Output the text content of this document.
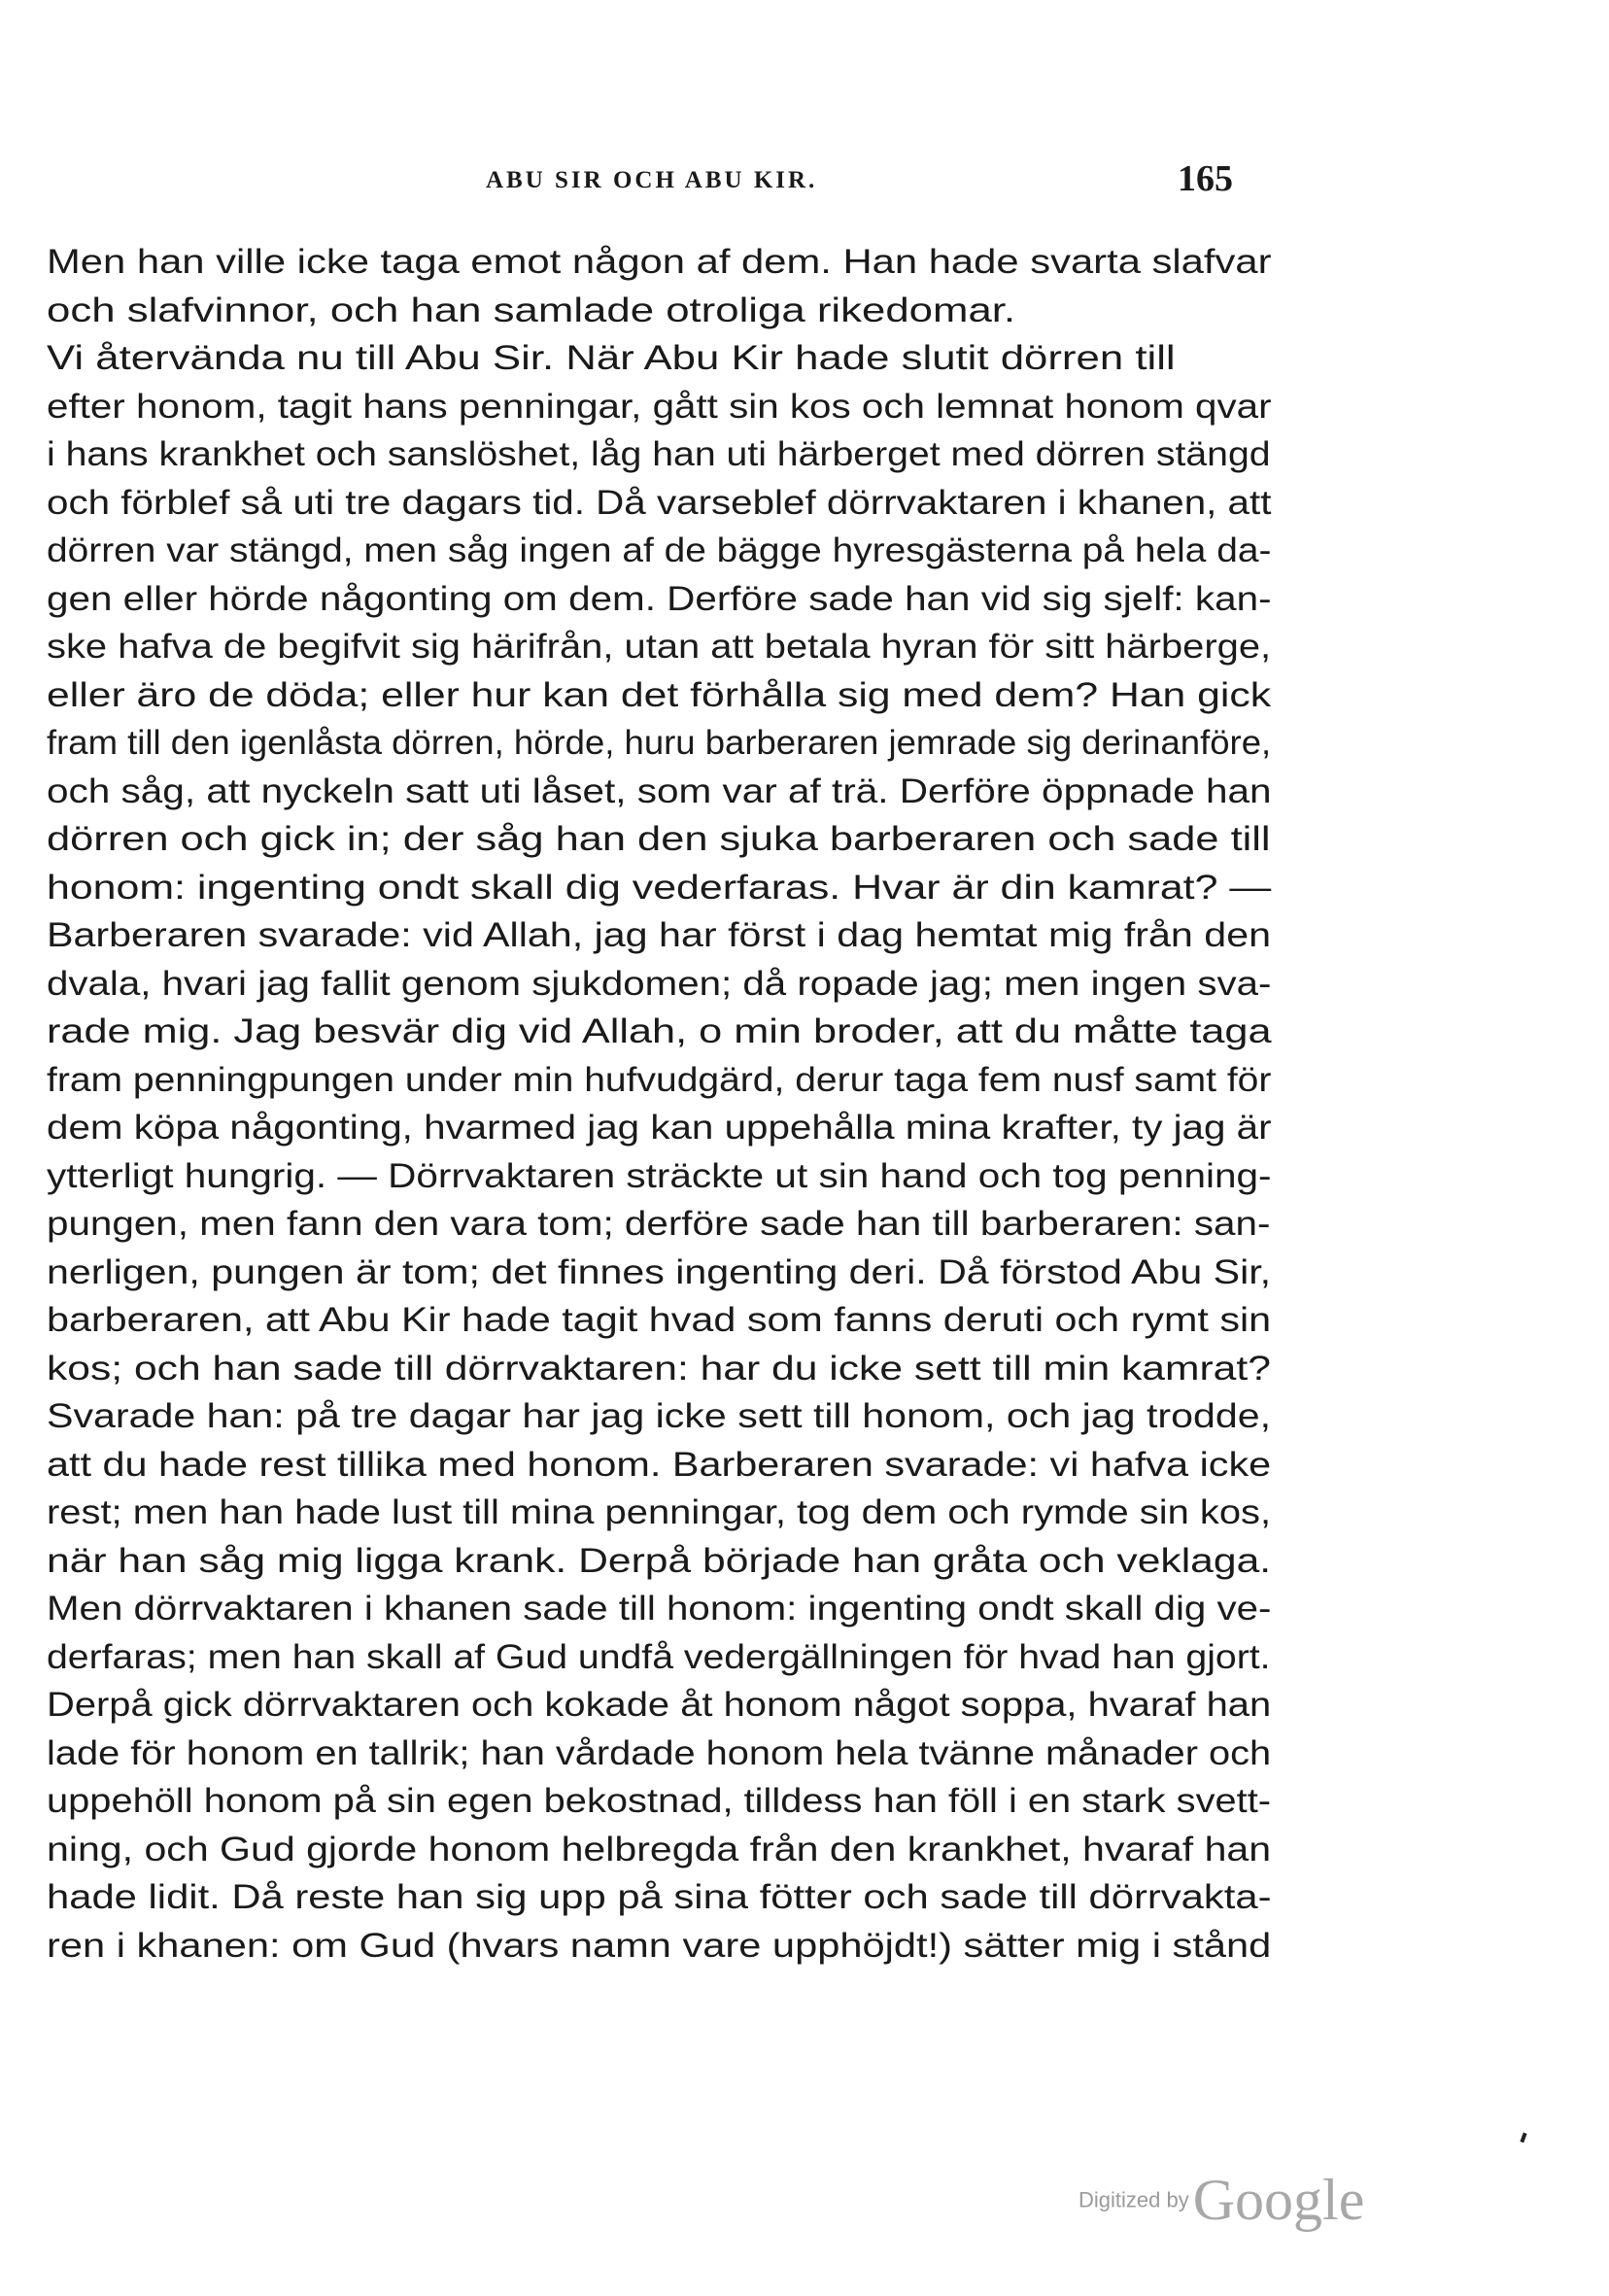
ABU SIR OCH ABU KIR.	165
Men han ville icke taga emot någon af dem. Han hade svarta slafvar
och slafvinnor, och han samlade otroliga rikedomar.
Vi återvända nu till Abu Sir. När Abu Kir hade slutit dörren till
efter honom, tagit hans penningar, gått sin kos och lemnat honom qvar
i hans krankhet och sanslöshet, låg han uti härberget med dörren stängd
och förblef så uti tre dagars tid. Då varseblef dörrvaktaren i khanen, att
dörren var stängd, men såg ingen af de bägge hyresgästerna på hela da-
gen eller hörde någonting om dem. Derföre sade han vid sig sjelf: kan-
ske hafva de begifvit sig härifrån, utan att betala hyran för sitt härberge,
eller äro de döda; eller hur kan det förhålla sig med dem? Han gick
fram till den igenlåsta dörren, hörde, huru barberaren jemrade sig derinanföre,
och såg, att nyckeln satt uti låset, som var af trä. Derföre öppnade han
dörren och gick in; der såg han den sjuka barberaren och sade till
honom: ingenting ondt skall dig vederfaras. Hvar är din kamrat? —
Barberaren svarade: vid Allah, jag har först i dag hemtat mig från den
dvala, hvari jag fallit genom sjukdomen; då ropade jag; men ingen sva-
rade mig. Jag besvär dig vid Allah, o min broder, att du måtte taga
fram penningpungen under min hufvudgärd, derur taga fem nusf samt för
dem köpa någonting, hvarmed jag kan uppehålla mina krafter, ty jag är
ytterligt hungrig. — Dörrvaktaren sträckte ut sin hand och tog penning-
pungen, men fann den vara tom; derföre sade han till barberaren: san-
nerligen, pungen är tom; det finnes ingenting deri. Då förstod Abu Sir,
barberaren, att Abu Kir hade tagit hvad som fanns deruti och rymt sin
kos; och han sade till dörrvaktaren: har du icke sett till min kamrat?
Svarade han: på tre dagar har jag icke sett till honom, och jag trodde,
att du hade rest tillika med honom. Barberaren svarade: vi hafva icke
rest; men han hade lust till mina penningar, tog dem och rymde sin kos,
när han såg mig ligga krank. Derpå började han gråta och veklaga.
Men dörrvaktaren i khanen sade till honom: ingenting ondt skall dig ve-
derfaras; men han skall af Gud undfå vedergällningen för hvad han gjort.
Derpå gick dörrvaktaren och kokade åt honom något soppa, hvaraf han
lade för honom en tallrik; han vårdade honom hela tvänne månader och
uppehöll honom på sin egen bekostnad, tilldess han föll i en stark svett-
ning, och Gud gjorde honom helbregda från den krankhet, hvaraf han
hade lidit. Då reste han sig upp på sina fötter och sade till dörrvakta-
ren i khanen: om Gud (hvars namn vare upphöjdt!) sätter mig i stånd
Digitized by Google
